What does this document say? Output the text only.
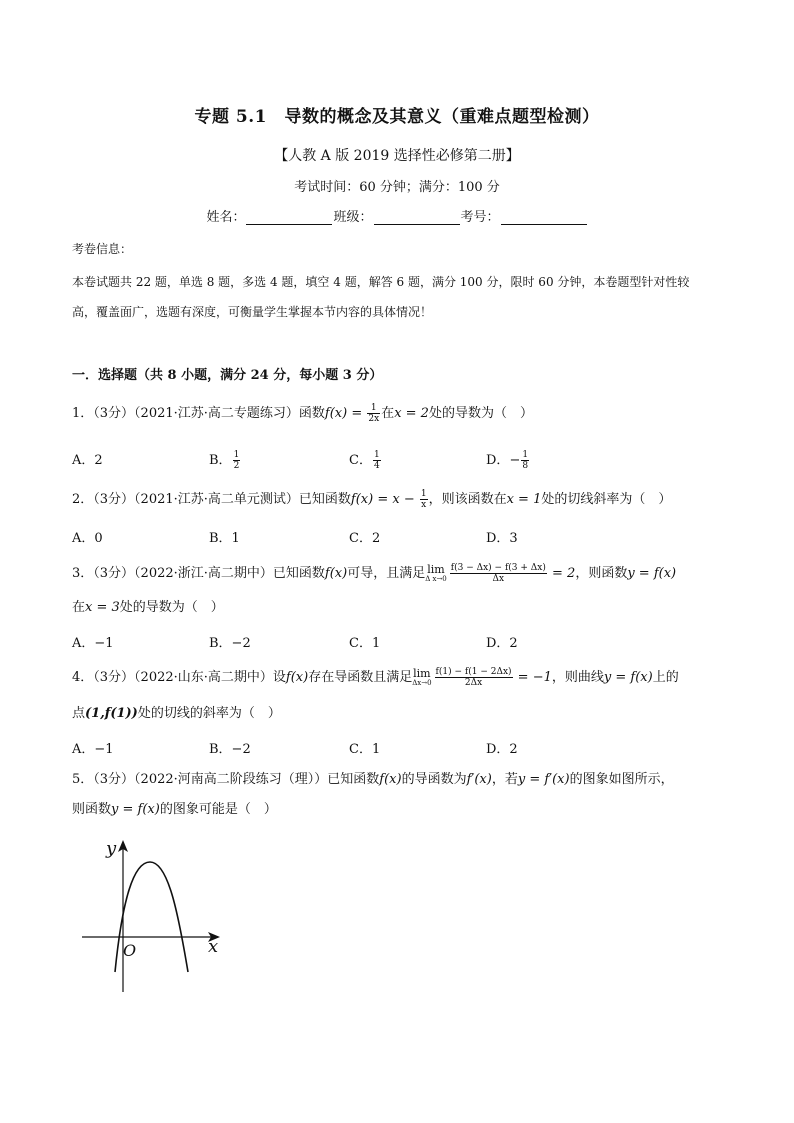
专题 5.1　导数的概念及其意义（重难点题型检测）
【人教 A 版 2019 选择性必修第二册】
考试时间：60 分钟；满分：100 分
姓名：	班级：	考号：
考卷信息：
本卷试题共 22 题，单选 8 题，多选 4 题，填空 4 题，解答 6 题，满分 100 分，限时 60 分钟，本卷题型针对性较
高，覆盖面广，选题有深度，可衡量学生掌握本节内容的具体情况！
一．选择题（共 8 小题，满分 24 分，每小题 3 分）
1．（3分）（2021·江苏·高二专题练习）函数$f(x) = \frac{1}{2x}$ 在x = 2处的导数为（　）
A．2	B． $\frac{1}{2}$	C． $\frac{1}{4}$	D．− $\frac{1}{8}$
2．（3分）（2021·江苏·高二单元测试）已知函数$f(x) = x - \frac{1}{x}$ ，则该函数在x = 1处的切线斜率为（　）
A．0	B．1	C．2	D．3
3．（3分）（2022·浙江·高二期中）已知函数f(x)可导，且满足 lim
Δ $x\to 0 \frac{f(3 - \Delta x) - f(3 + \Delta x)}{\Delta x} = 2$，则函数y = f(x)
在x = 3处的导数为（　）
A．−1	B．−2	C．1	D．2
4．（3分）（2022·山东·高二期中）设f(x)存在导函数且满足lim
$\Delta x\to 0 \frac{f(1) - f(1 - 2\Delta x)}{2\Delta x} = -1$，则曲线y = f(x)上的
点(1,f(1))处的切线的斜率为（　）
A．−1	B．−2	C．1	D．2
5．（3分）（2022·河南高二阶段练习（理））已知函数f(x)的导函数为f′(x)，若y = f′(x)的图象如图所示，
则函数y = f(x)的图象可能是（　）
y
x
O
